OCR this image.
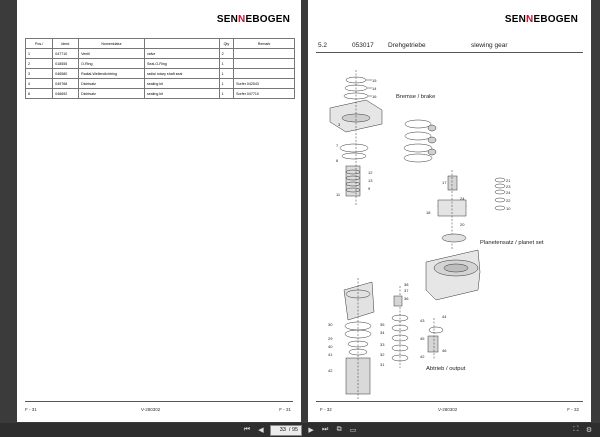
SENNEBOGEN
Pos./	Ident.	Nomenklatur		Qty	Remark
1	047710	Ventil	valve	2	
2	018555	O-Ring	Seal-O-Ring	1	
3	046580	Radial-Wellendichtring	radial rotary shaft seal	1	
4	049768	Dichtsatz	sealing kit	1	Sorfer 042543
8	046692	Dichtsatz	sealing kit	1	Sorfer 047710
F - 31	V-280302	F - 31
SENNEBOGEN
5.2	053017 Drehgetriebe	slewing gear
15
14
16
3
7
6
12
13
9
11
21
23
24
22
10
24
18
17
20
30
29
40
41
42
38
37
36
35
34
33
32
31
43
44
45
42
46
Bremse / brake
Planetensatz / planet set
Abtrieb / output
F - 32	V-280302	F - 32
⏮	◀
33	/ 95	▶	⏭	⧉	▭	⛶	⚙
